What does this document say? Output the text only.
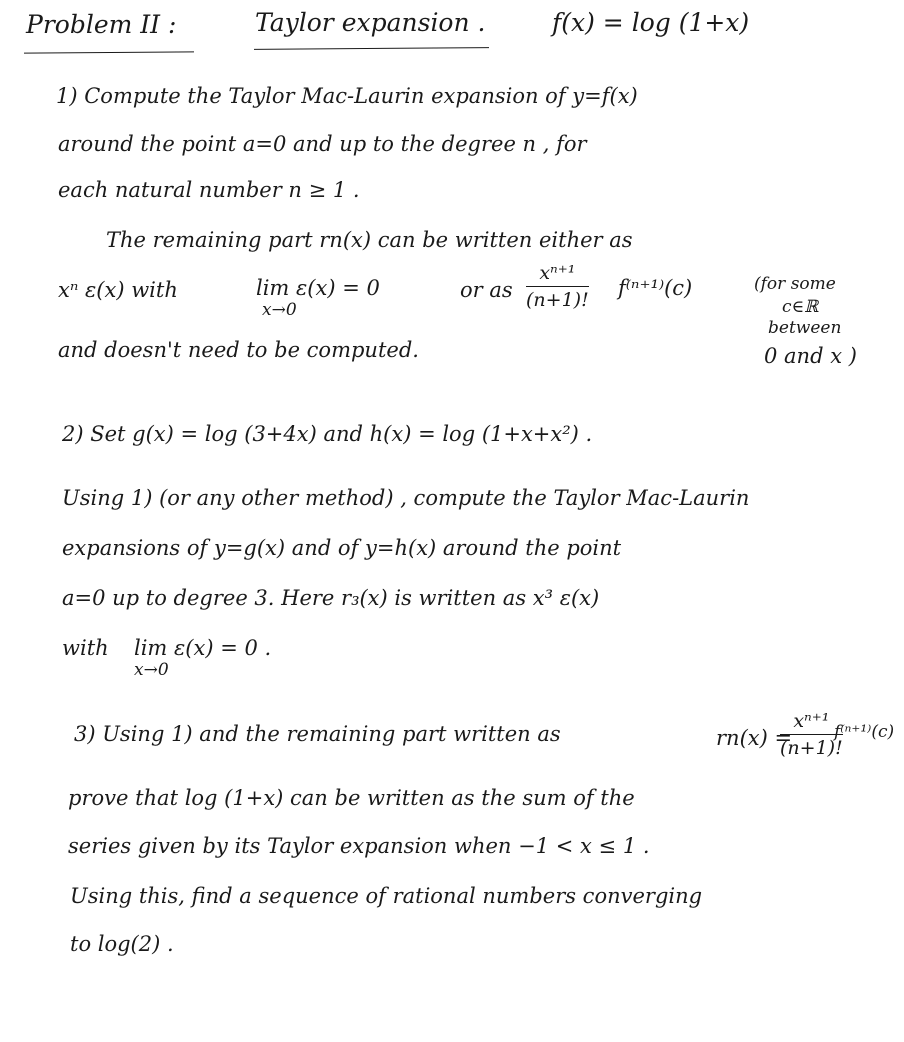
Problem II :	Taylor expansion .	f(x) = log (1+x)
1) Compute the Taylor Mac-Laurin expansion of y=f(x)
around the point a=0 and up to the degree n , for
each natural number n ≥ 1 .
The remaining part rn(x) can be written either as
xⁿ ε(x) with	lim ε(x) = 0
x→0
or as
xⁿ⁺¹
(n+1)! f⁽ⁿ⁺¹⁾(c)	(for some
c∈ℝ
between
0 and x )
and doesn't need to be computed.
2) Set g(x) = log (3+4x) and h(x) = log (1+x+x²) .
Using 1) (or any other method) , compute the Taylor Mac-Laurin
expansions of y=g(x) and of y=h(x) around the point
a=0 up to degree 3. Here r₃(x) is written as x³ ε(x)
with lim ε(x) = 0 .
x→0
3) Using 1) and the remaining part written as	rn(x) =
xⁿ⁺¹
(n+1)!
f⁽ⁿ⁺¹⁾(c)
prove that log (1+x) can be written as the sum of the
series given by its Taylor expansion when −1 < x ≤ 1 .
Using this, find a sequence of rational numbers converging
to log(2) .
